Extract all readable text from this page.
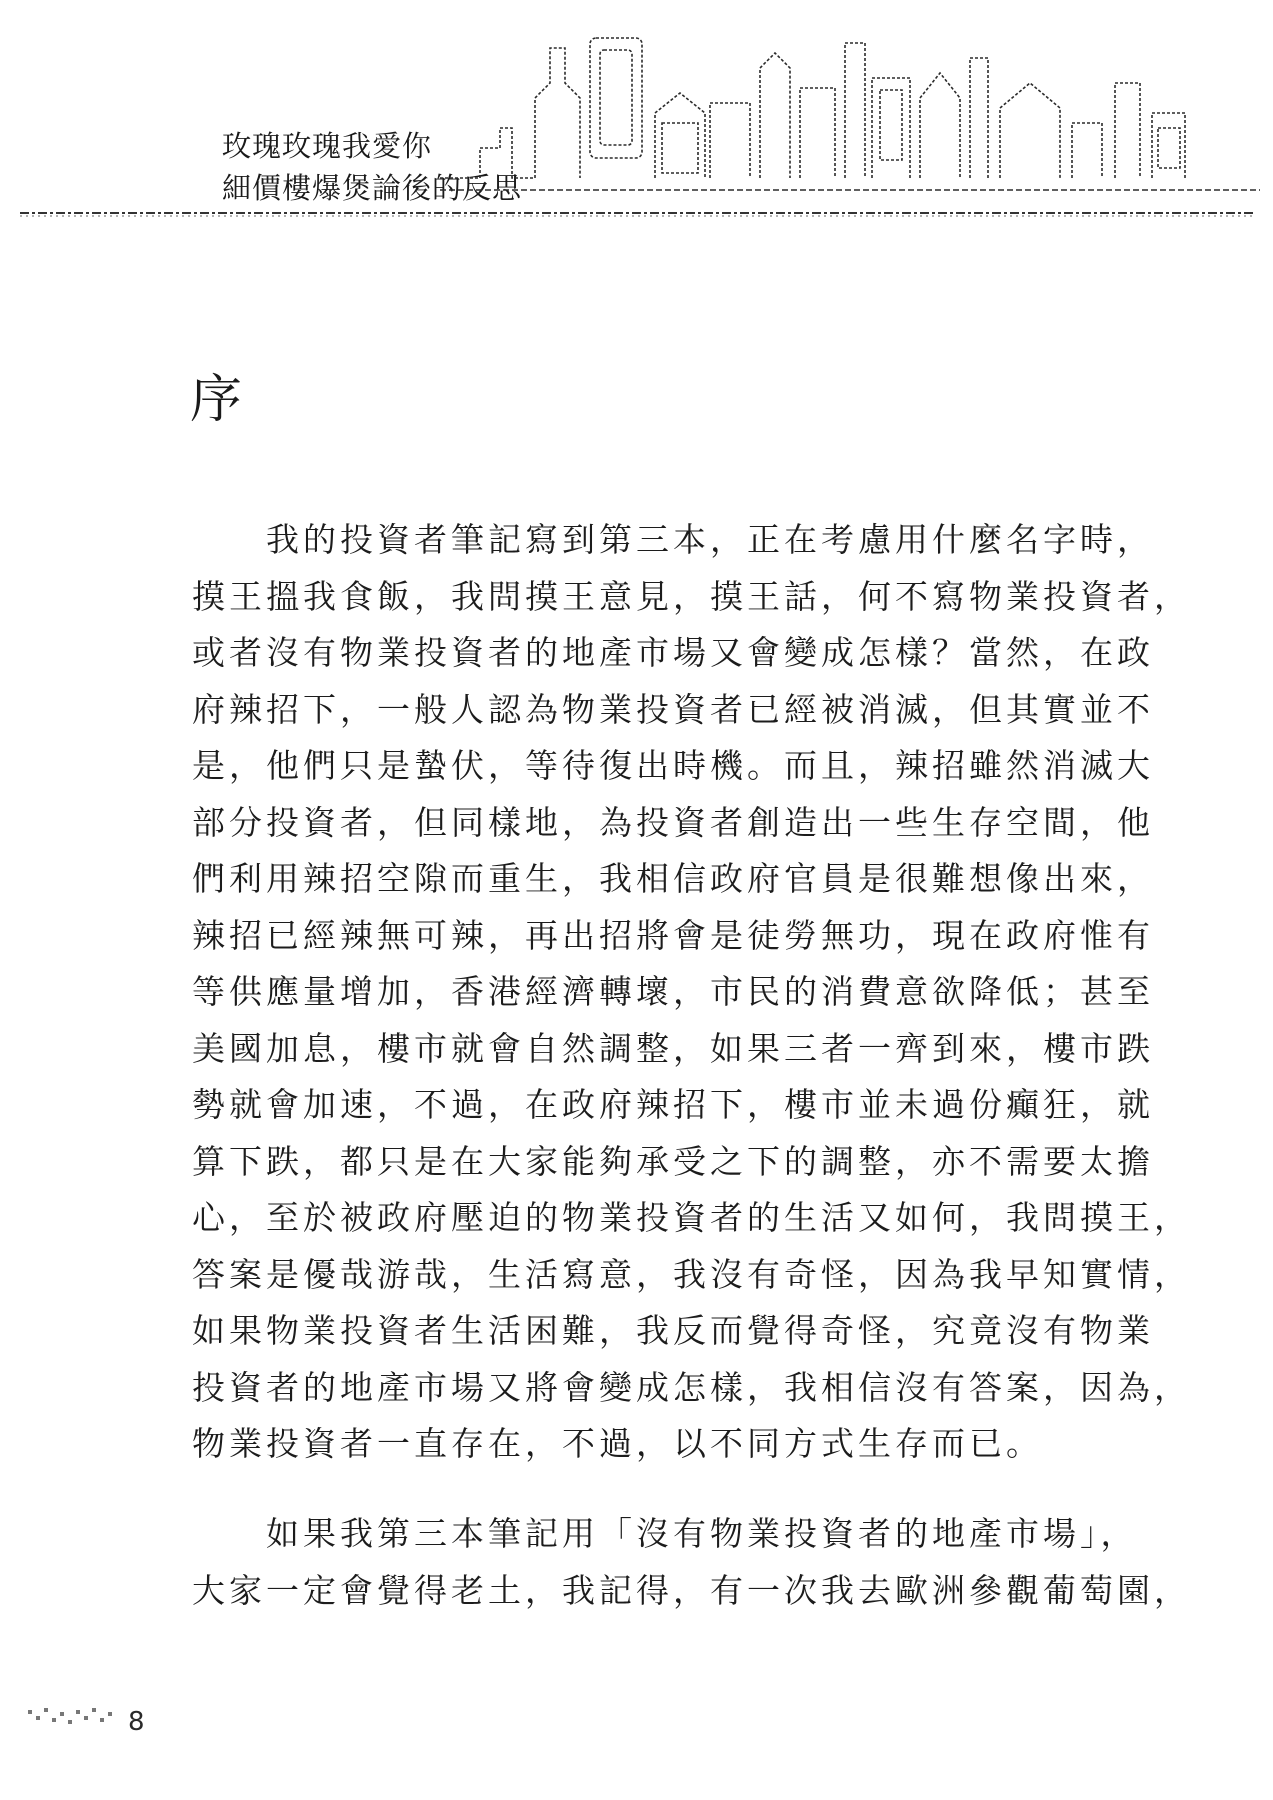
玫瑰玫瑰我愛你
細價樓爆煲論後的反思
序
我的投資者筆記寫到第三本，正在考慮用什麼名字時，
摸王搵我食飯，我問摸王意見，摸王話，何不寫物業投資者，
或者沒有物業投資者的地產市場又會變成怎樣？當然，在政
府辣招下，一般人認為物業投資者已經被消滅，但其實並不
是，他們只是蟄伏，等待復出時機。而且，辣招雖然消滅大
部分投資者，但同樣地，為投資者創造出一些生存空間，他
們利用辣招空隙而重生，我相信政府官員是很難想像出來，
辣招已經辣無可辣，再出招將會是徒勞無功，現在政府惟有
等供應量增加，香港經濟轉壞，市民的消費意欲降低；甚至
美國加息，樓市就會自然調整，如果三者一齊到來，樓市跌
勢就會加速，不過，在政府辣招下，樓市並未過份癲狂，就
算下跌，都只是在大家能夠承受之下的調整，亦不需要太擔
心，至於被政府壓迫的物業投資者的生活又如何，我問摸王，
答案是優哉游哉，生活寫意，我沒有奇怪，因為我早知實情，
如果物業投資者生活困難，我反而覺得奇怪，究竟沒有物業
投資者的地產市場又將會變成怎樣，我相信沒有答案，因為，
物業投資者一直存在，不過，以不同方式生存而已。
如果我第三本筆記用「沒有物業投資者的地產市場」，
大家一定會覺得老土，我記得，有一次我去歐洲參觀葡萄園，
8
